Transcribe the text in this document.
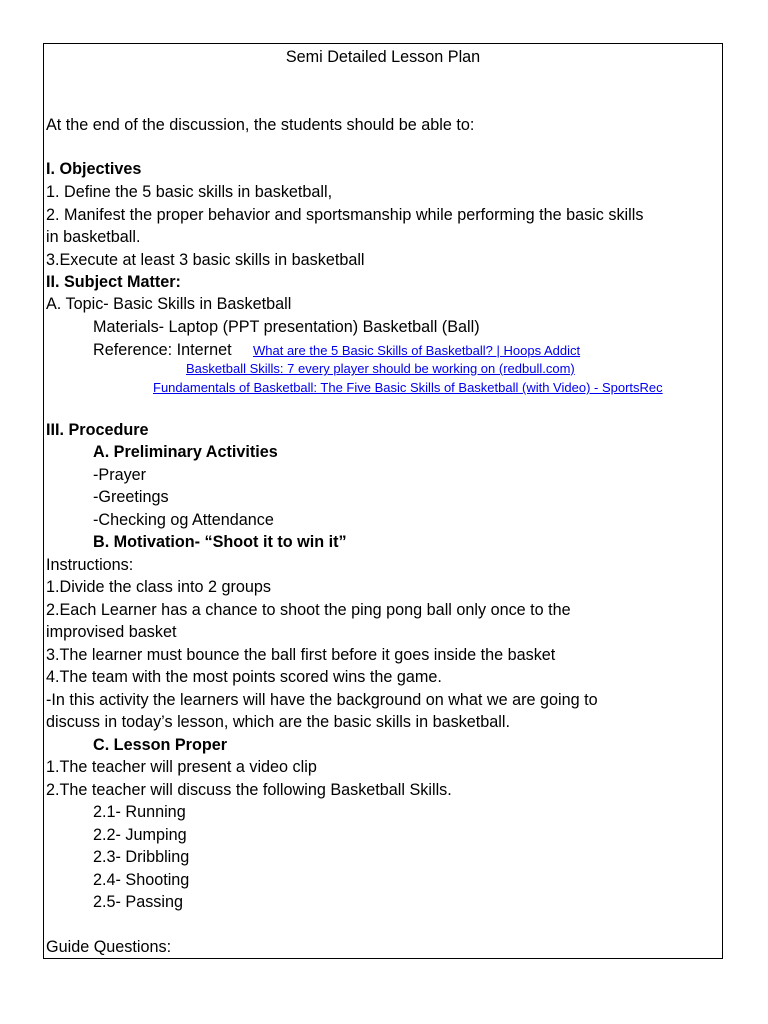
Semi Detailed Lesson Plan
At the end of the discussion, the students should be able to:
I. Objectives
1. Define the 5 basic skills in basketball,
2. Manifest the proper behavior and sportsmanship while performing the basic skills
in basketball.
3.Execute at least 3 basic skills in basketball
II. Subject Matter:
A. Topic- Basic Skills in Basketball
Materials- Laptop (PPT presentation) Basketball (Ball)
Reference: Internet What are the 5 Basic Skills of Basketball? | Hoops Addict
Basketball Skills: 7 every player should be working on (redbull.com)
Fundamentals of Basketball: The Five Basic Skills of Basketball (with Video) - SportsRec
III. Procedure
A. Preliminary Activities
-Prayer
-Greetings
-Checking og Attendance
B. Motivation- “Shoot it to win it”
Instructions:
1.Divide the class into 2 groups
2.Each Learner has a chance to shoot the ping pong ball only once to the
improvised basket
3.The learner must bounce the ball first before it goes inside the basket
4.The team with the most points scored wins the game.
-In this activity the learners will have the background on what we are going to
discuss in today’s lesson, which are the basic skills in basketball.
C. Lesson Proper
1.The teacher will present a video clip
2.The teacher will discuss the following Basketball Skills.
2.1- Running
2.2- Jumping
2.3- Dribbling
2.4- Shooting
2.5- Passing
Guide Questions:
